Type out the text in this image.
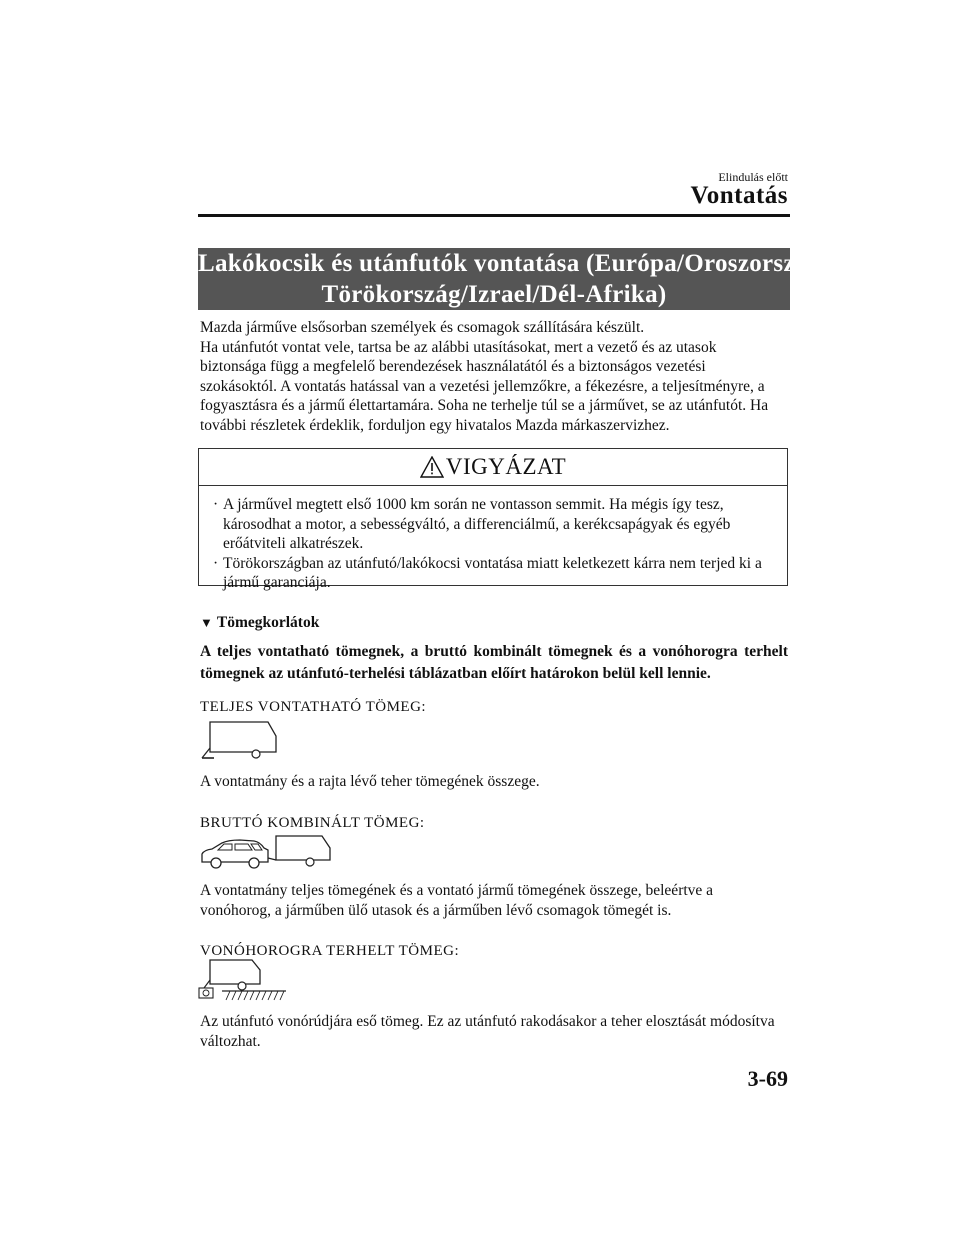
Elindulás előtt
Vontatás
Lakókocsik és utánfutók vontatása (Európa/Oroszország/
Törökország/Izrael/Dél-Afrika)

Mazda járműve elsősorban személyek és csomagok szállítására készült.

Ha utánfutót vontat vele, tartsa be az alábbi utasításokat, mert a vezető és az utasok

biztonsága függ a megfelelő berendezések használatától és a biztonságos vezetési

szokásoktól. A vontatás hatással van a vezetési jellemzőkre, a fékezésre, a teljesítményre, a

fogyasztásra és a jármű élettartamára. Soha ne terhelje túl se a járművet, se az utánfutót. Ha

további részletek érdeklik, forduljon egy hivatalos Mazda márkaszervizhez.

VIGYÁZAT
· A járművel megtett első 1000 km során ne vontasson semmit. Ha mégis így tesz,
károsodhat a motor, a sebességváltó, a differenciálmű, a kerékcsapágyak és egyéb
erőátviteli alkatrészek.
· Törökországban az utánfutó/lakókocsi vontatása miatt keletkezett kárra nem terjed ki a
jármű garanciája.
▼ Tömegkorlátok
A teljes vontatható tömegnek, a bruttó kombinált tömegnek és a vonóhorogra terhelt
tömegnek az utánfutó-terhelési táblázatban előírt határokon belül kell lennie.
TELJES VONTATHATÓ TÖMEG:
A vontatmány és a rajta lévő teher tömegének összege.
BRUTTÓ KOMBINÁLT TÖMEG:
A vontatmány teljes tömegének és a vontató jármű tömegének összege, beleértve a
vonóhorog, a járműben ülő utasok és a járműben lévő csomagok tömegét is.
VONÓHOROGRA TERHELT TÖMEG:
Az utánfutó vonórúdjára eső tömeg. Ez az utánfutó rakodásakor a teher elosztását módosítva
változhat.
3-69
